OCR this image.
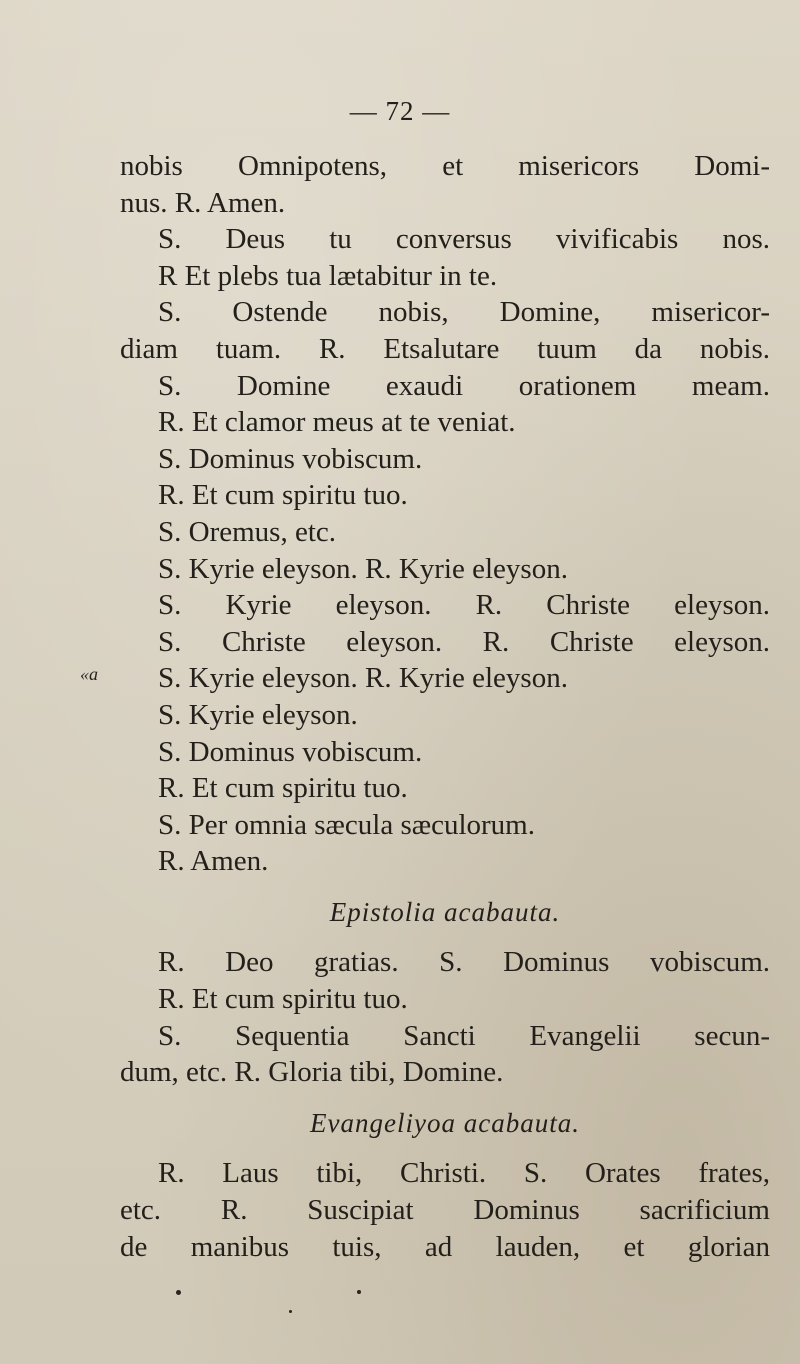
— 72 —
«a
nobis Omnipotens, et misericors Domi-
nus. R. Amen.
S. Deus tu conversus vivificabis nos.
R Et plebs tua lætabitur in te.
S. Ostende nobis, Domine, misericor-
diam tuam. R. Etsalutare tuum da nobis.
S. Domine exaudi orationem meam.
R. Et clamor meus at te veniat.
S. Dominus vobiscum.
R. Et cum spiritu tuo.
S. Oremus, etc.
S. Kyrie eleyson. R. Kyrie eleyson.
S. Kyrie eleyson. R. Christe eleyson.
S. Christe eleyson. R. Christe eleyson.
S. Kyrie eleyson. R. Kyrie eleyson.
S. Kyrie eleyson.
S. Dominus vobiscum.
R. Et cum spiritu tuo.
S. Per omnia sæcula sæculorum.
R. Amen.
Epistolia acabauta.
R. Deo gratias. S. Dominus vobiscum.
R. Et cum spiritu tuo.
S. Sequentia Sancti Evangelii secun-
dum, etc. R. Gloria tibi, Domine.
Evangeliyoa acabauta.
R. Laus tibi, Christi. S. Orates frates,
etc. R. Suscipiat Dominus sacrificium
de manibus tuis, ad lauden, et glorian
